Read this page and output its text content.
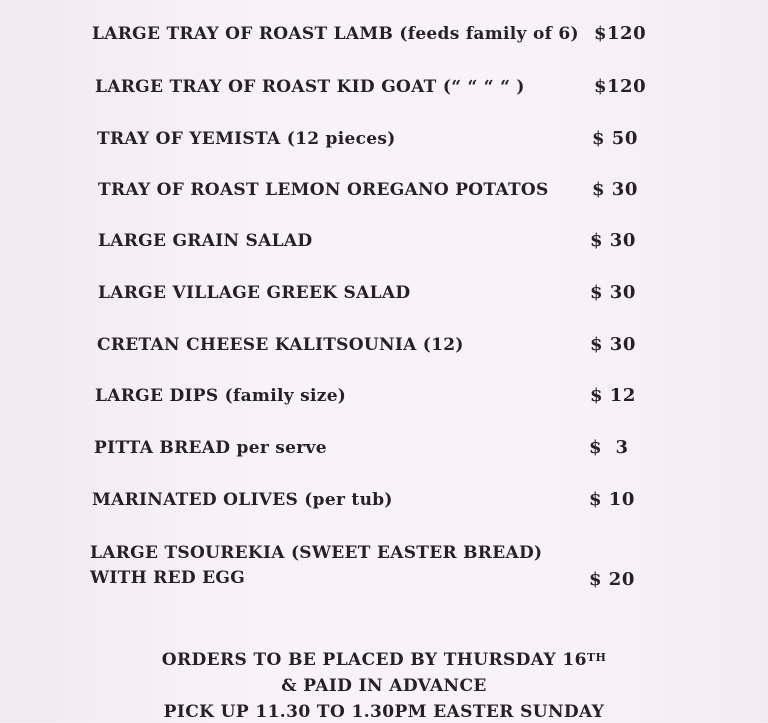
LARGE TRAY OF ROAST LAMB (feeds family of 6) $120
LARGE TRAY OF ROAST KID GOAT (“ “ “ “ )	$120
TRAY OF YEMISTA (12 pieces)	$ 50
TRAY OF ROAST LEMON OREGANO POTATOS $ 30
LARGE GRAIN SALAD	$ 30
LARGE VILLAGE GREEK SALAD	$ 30
CRETAN CHEESE KALITSOUNIA (12)	$ 30
LARGE DIPS (family size)	$ 12
PITTA BREAD per serve	$  3
MARINATED OLIVES (per tub)	$ 10
LARGE TSOUREKIA (SWEET EASTER BREAD)
WITH RED EGG	$ 20
ORDERS TO BE PLACED BY THURSDAY 16TH
& PAID IN ADVANCE
PICK UP 11.30 TO 1.30PM EASTER SUNDAY
